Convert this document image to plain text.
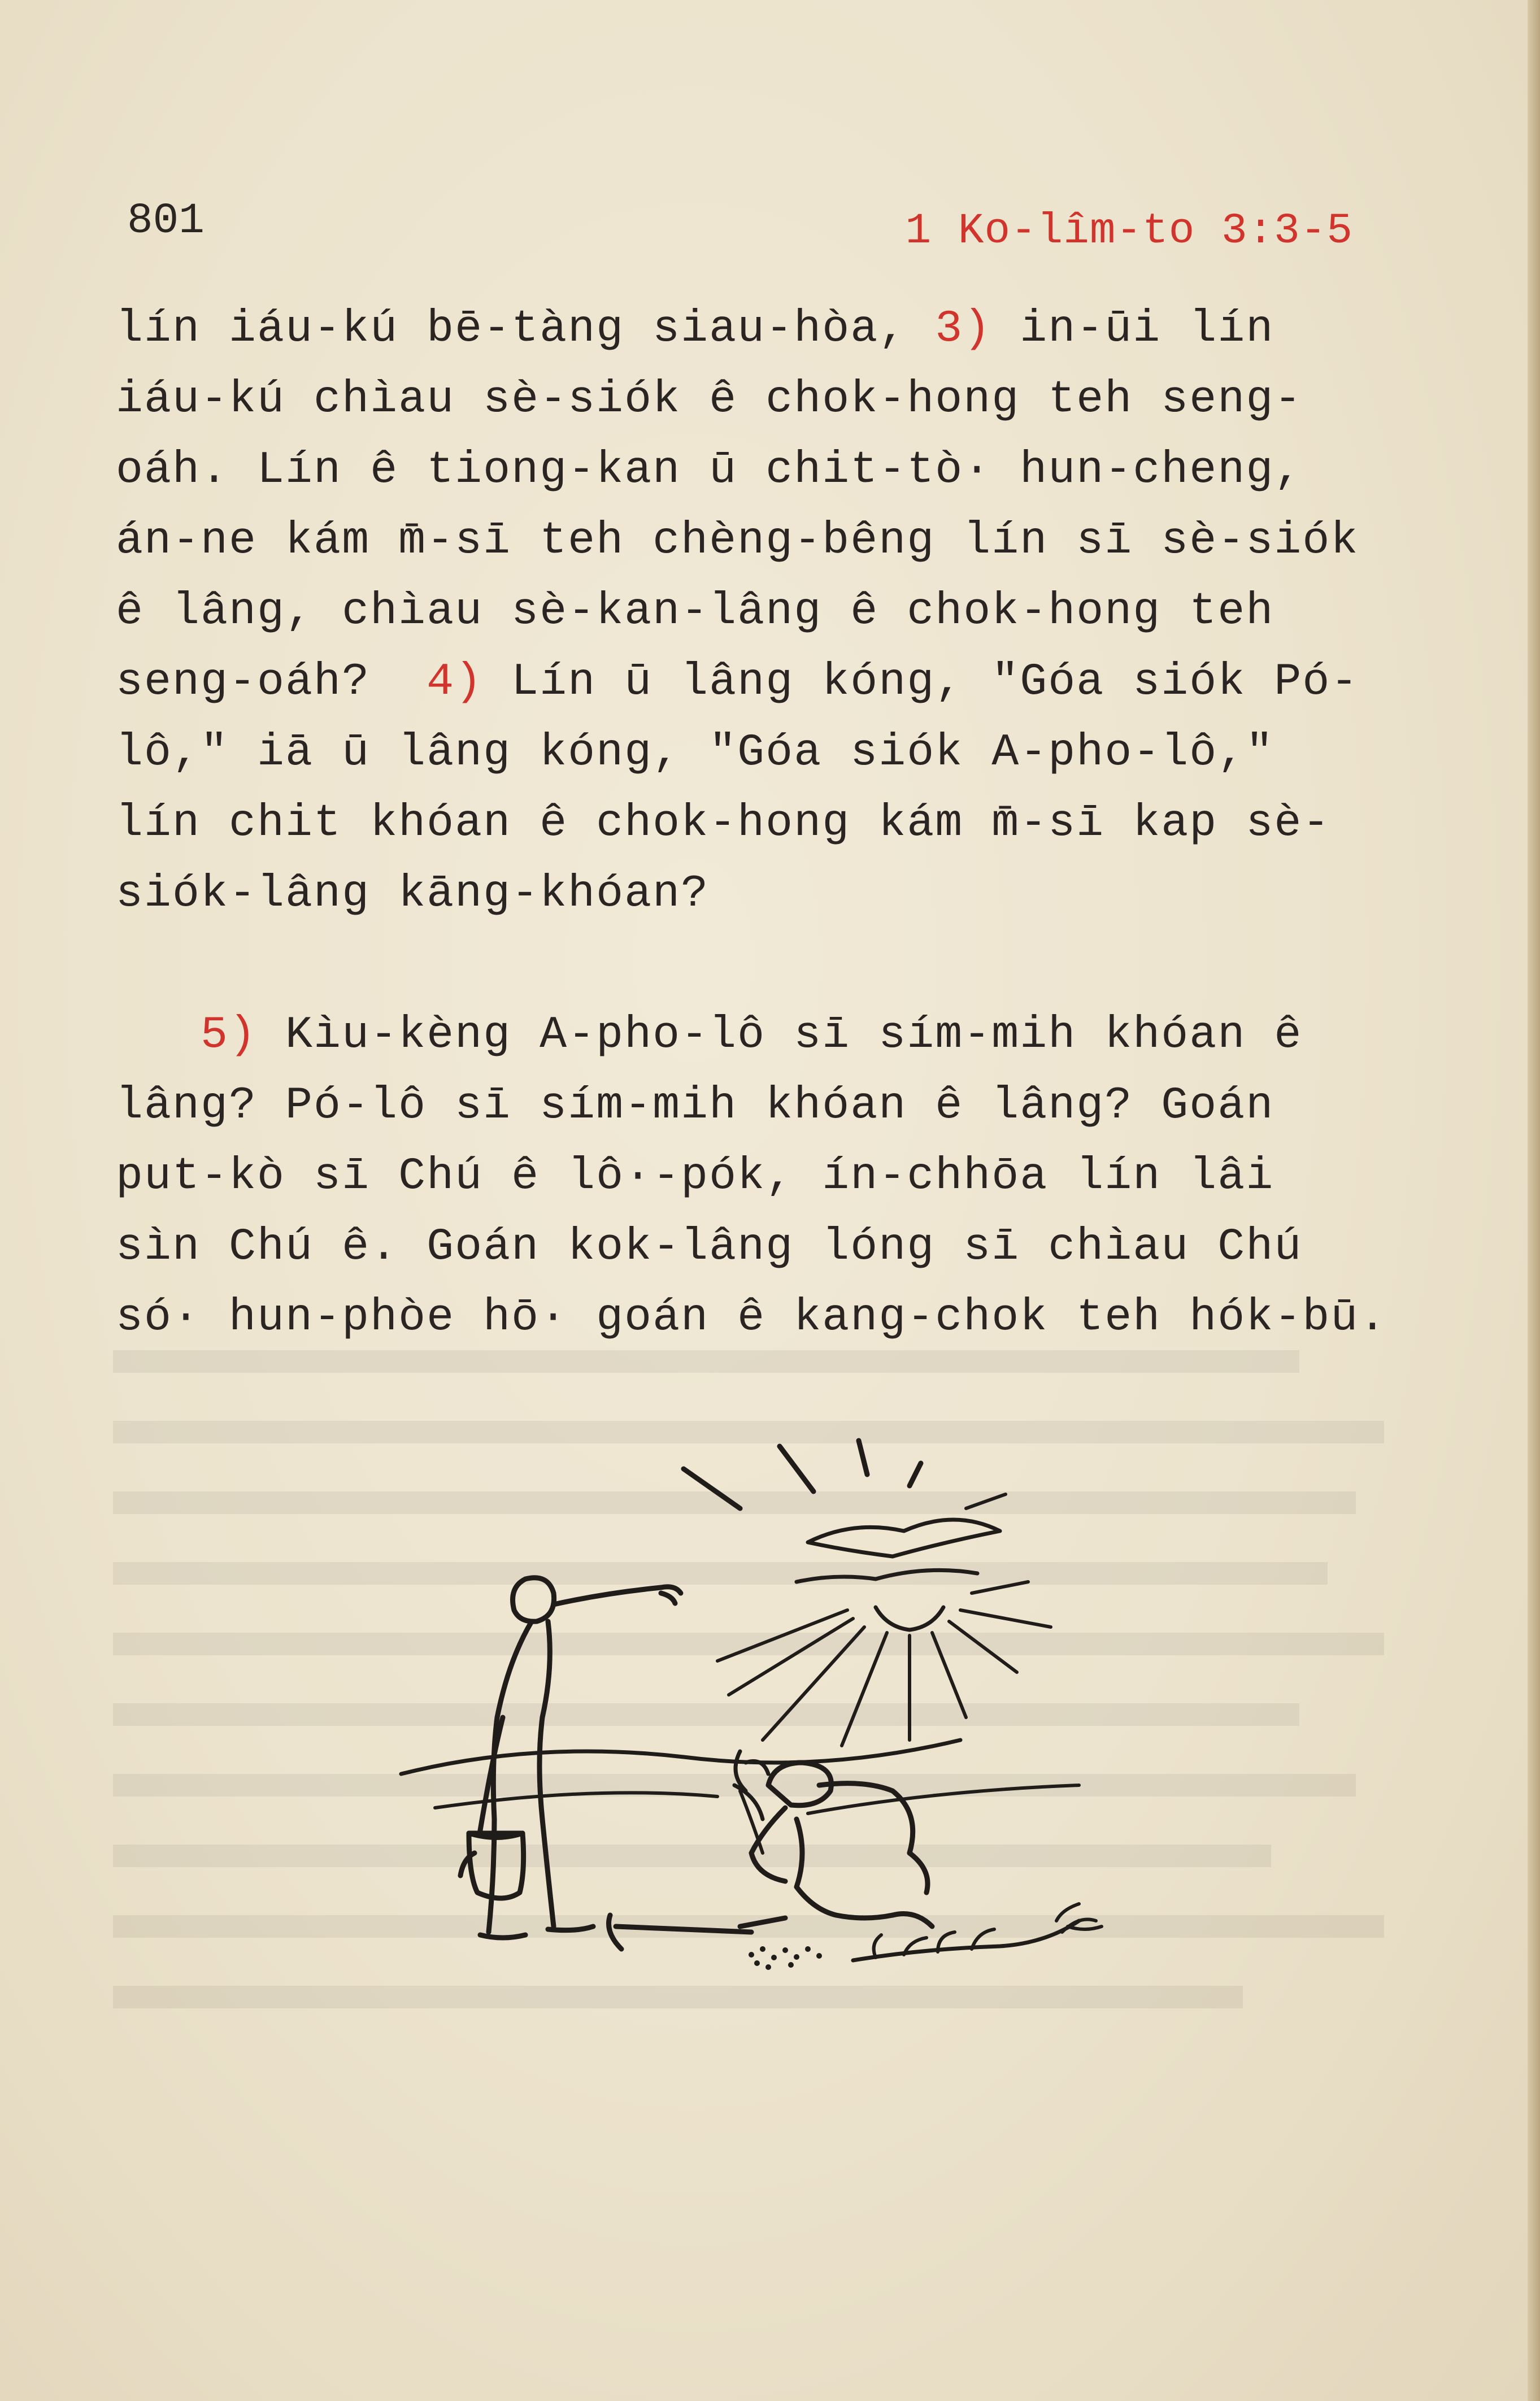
801	1 Ko-lîm-to 3:3-5
lín iáu-kú bē-tàng siau-hòa, 3) in-ūi lín
iáu-kú chìau sè-siók ê chok-hong teh seng-
oáh. Lín ê tiong-kan ū chit-tò· hun-cheng,
án-ne kám m̄-sī teh chèng-bêng lín sī sè-siók
ê lâng, chìau sè-kan-lâng ê chok-hong teh
seng-oáh?  4) Lín ū lâng kóng, "Góa siók Pó-
lô," iā ū lâng kóng, "Góa siók A-pho-lô,"
lín chit khóan ê chok-hong kám m̄-sī kap sè-
siók-lâng kāng-khóan?
5) Kìu-kèng A-pho-lô sī sím-mih khóan ê
lâng? Pó-lô sī sím-mih khóan ê lâng? Goán
put-kò sī Chú ê lô·-pók, ín-chhōa lín lâi
sìn Chú ê. Goán kok-lâng lóng sī chìau Chú
só· hun-phòe hō· goán ê kang-chok teh hók-bū.
